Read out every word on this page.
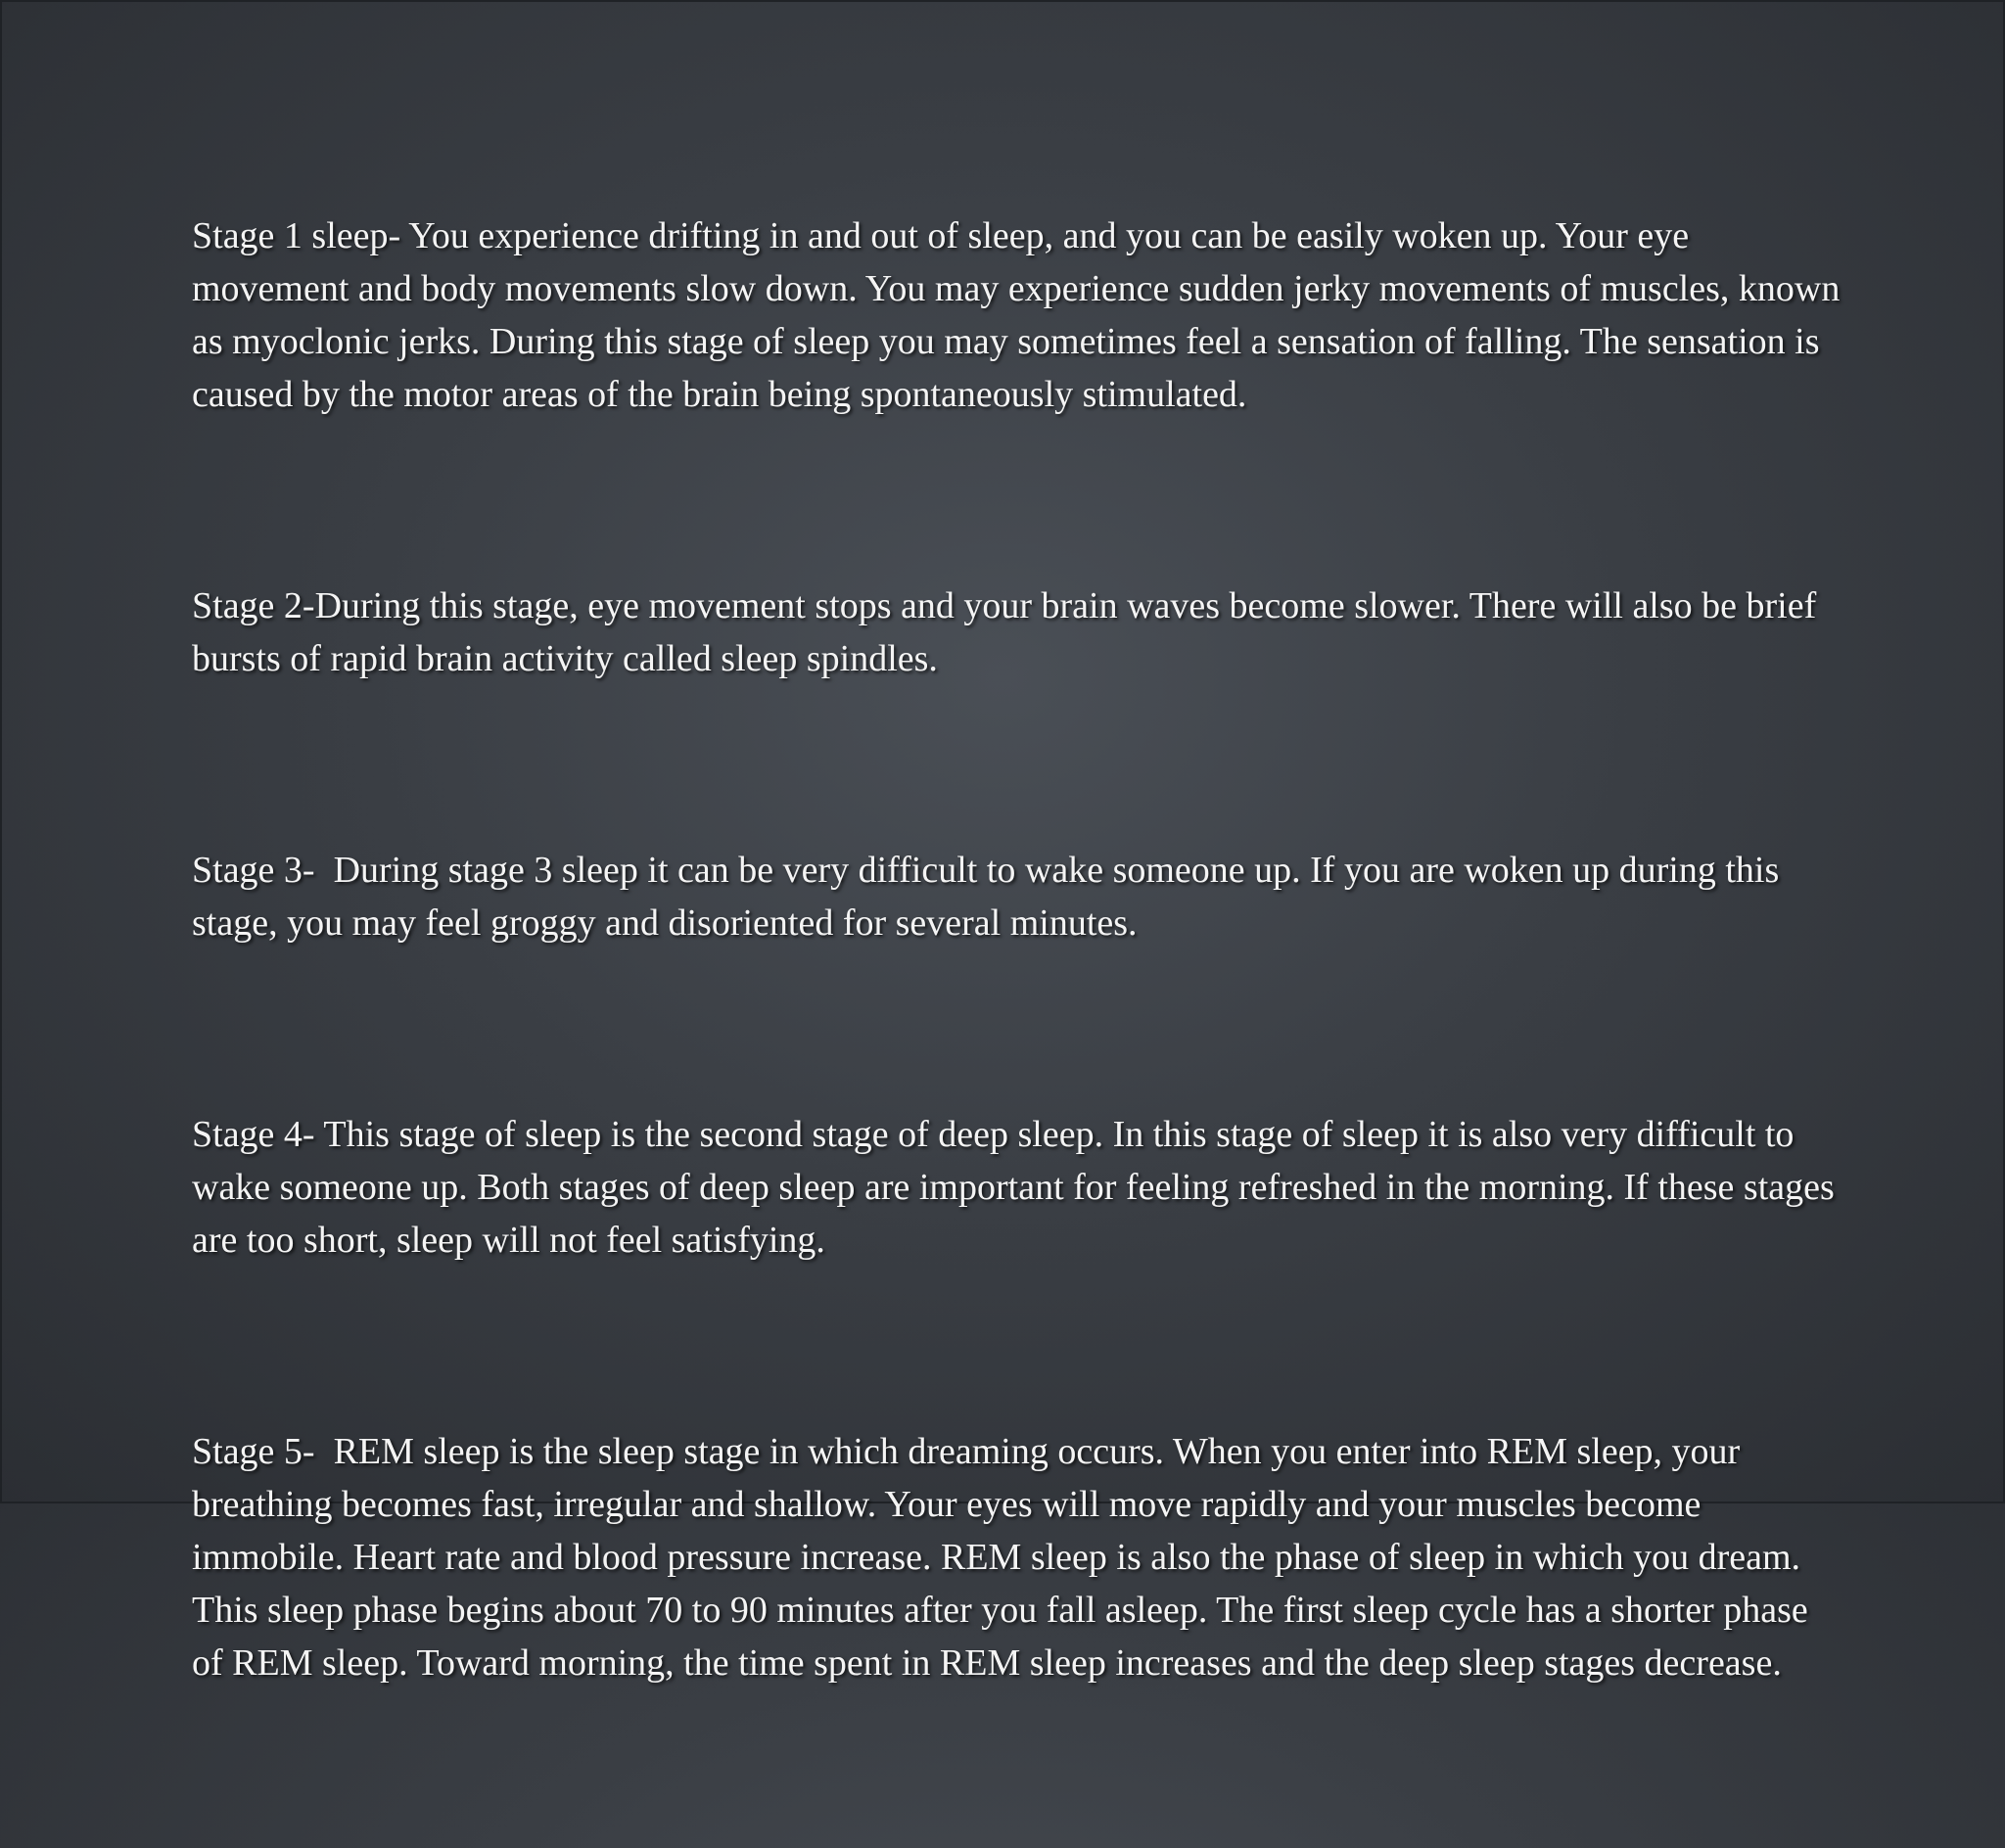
Stage 1 sleep- You experience drifting in and out of sleep, and you can be easily woken up. Your eye movement and body movements slow down. You may experience sudden jerky movements of muscles, known as myoclonic jerks. During this stage of sleep you may sometimes feel a sensation of falling. The sensation is caused by the motor areas of the brain being spontaneously stimulated.

Stage 2-During this stage, eye movement stops and your brain waves become slower. There will also be brief bursts of rapid brain activity called sleep spindles.

Stage 3-  During stage 3 sleep it can be very difficult to wake someone up. If you are woken up during this stage, you may feel groggy and disoriented for several minutes.

Stage 4- This stage of sleep is the second stage of deep sleep. In this stage of sleep it is also very difficult to wake someone up. Both stages of deep sleep are important for feeling refreshed in the morning. If these stages are too short, sleep will not feel satisfying.

Stage 5-  REM sleep is the sleep stage in which dreaming occurs. When you enter into REM sleep, your breathing becomes fast, irregular and shallow. Your eyes will move rapidly and your muscles become immobile. Heart rate and blood pressure increase. REM sleep is also the phase of sleep in which you dream. This sleep phase begins about 70 to 90 minutes after you fall asleep. The first sleep cycle has a shorter phase of REM sleep. Toward morning, the time spent in REM sleep increases and the deep sleep stages decrease.
